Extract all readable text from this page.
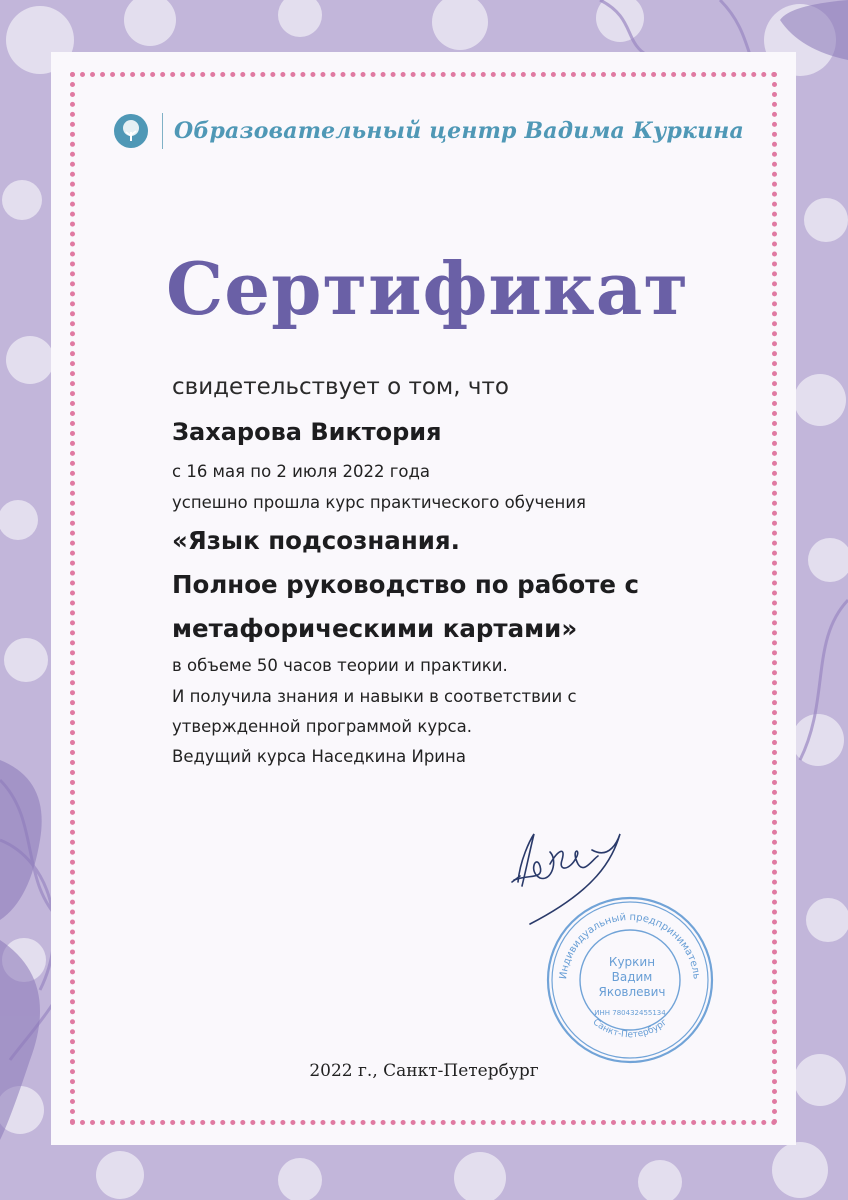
Образовательный центр Вадима Куркина
Сертификат
свидетельствует о том, что
Захарова Виктория
с 16 мая по 2 июля 2022 года
успешно прошла курс практического обучения
«Язык подсознания.
Полное руководство по работе с
метафорическими картами»
в объеме 50 часов теории и практики.
И получила знания и навыки в соответствии с
утвержденной программой курса.
Ведущий курса Наседкина Ирина
Индивидуальный предприниматель
Санкт-Петербург
Куркин
Вадим
Яковлевич
ИНН 780432455134
2022 г., Санкт-Петербург
